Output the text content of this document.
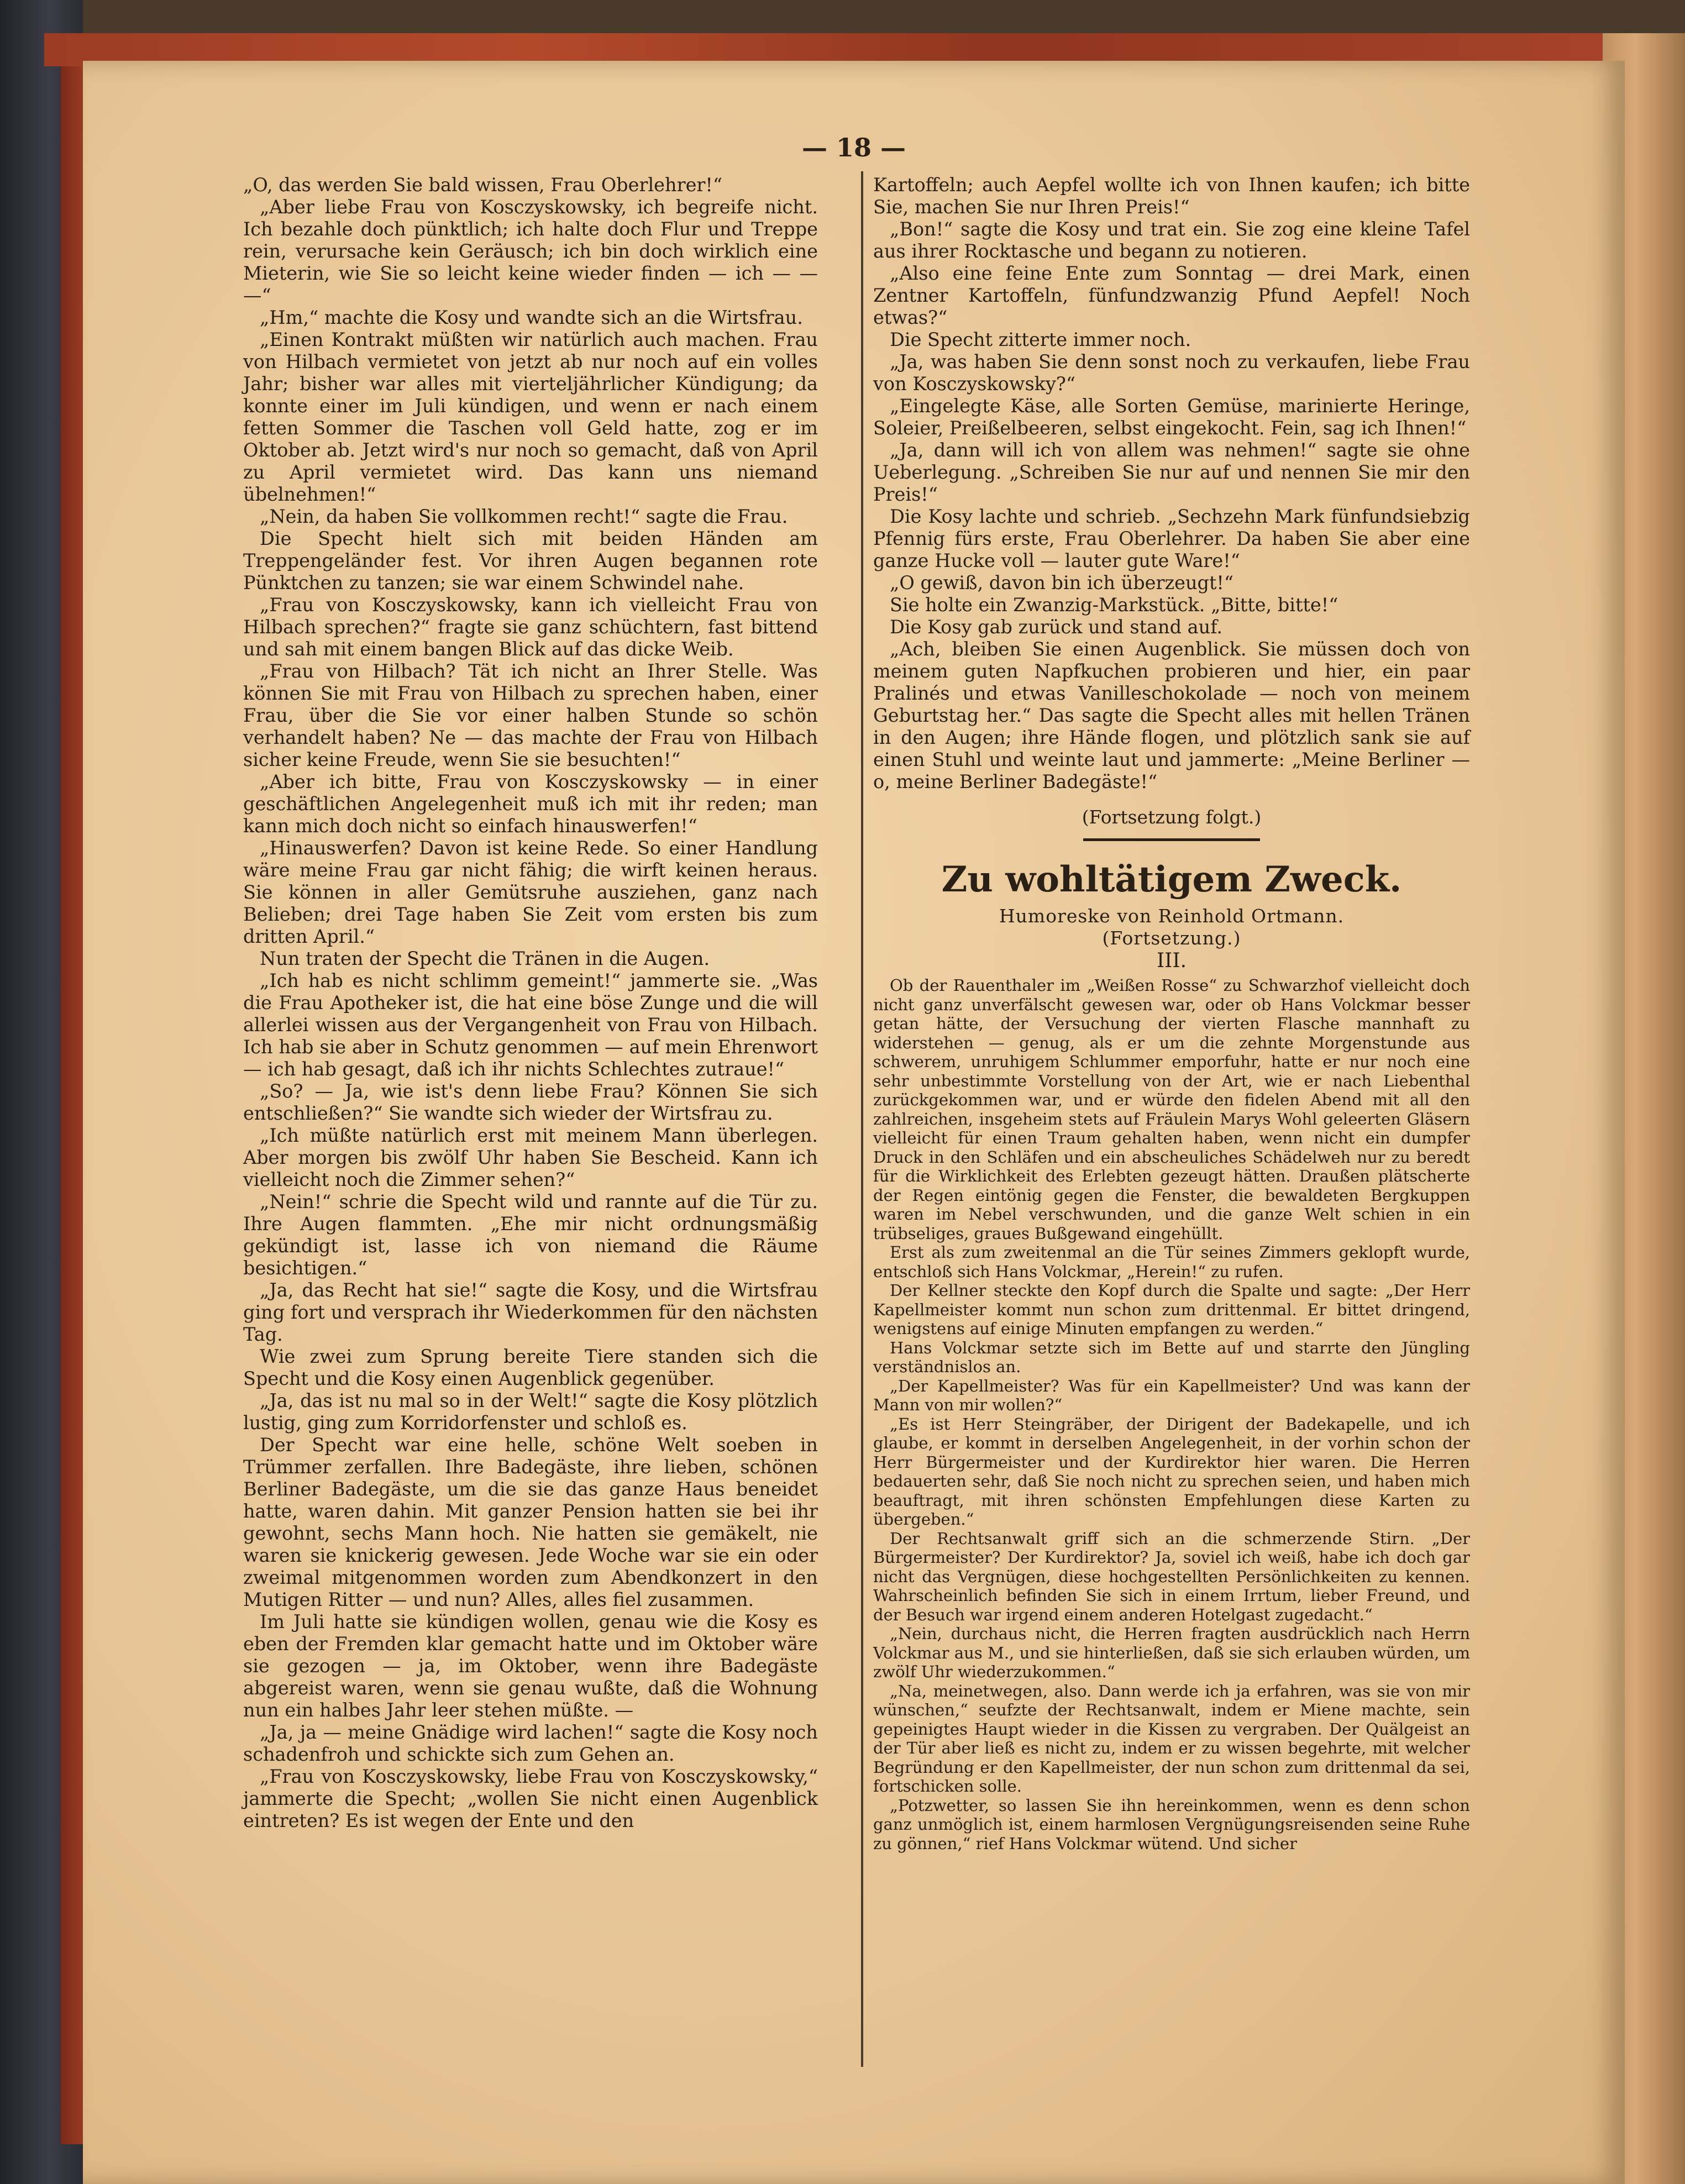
— 18 —

„O, das werden Sie bald wissen, Frau Oberlehrer!“

„Aber liebe Frau von Kosczyskowsky, ich begreife nicht. Ich bezahle doch pünktlich; ich halte doch Flur und Treppe rein, verursache kein Geräusch; ich bin doch wirklich eine Mieterin, wie Sie so leicht keine wieder finden — ich — — —“

„Hm,“ machte die Kosy und wandte sich an die Wirtsfrau.

„Einen Kontrakt müßten wir natürlich auch machen. Frau von Hilbach vermietet von jetzt ab nur noch auf ein volles Jahr; bisher war alles mit vierteljährlicher Kündigung; da konnte einer im Juli kündigen, und wenn er nach einem fetten Sommer die Taschen voll Geld hatte, zog er im Oktober ab. Jetzt wird's nur noch so gemacht, daß von April zu April vermietet wird. Das kann uns niemand übelnehmen!“

„Nein, da haben Sie vollkommen recht!“ sagte die Frau.

Die Specht hielt sich mit beiden Händen am Treppengeländer fest. Vor ihren Augen begannen rote Pünktchen zu tanzen; sie war einem Schwindel nahe.

„Frau von Kosczyskowsky, kann ich vielleicht Frau von Hilbach sprechen?“ fragte sie ganz schüchtern, fast bittend und sah mit einem bangen Blick auf das dicke Weib.

„Frau von Hilbach? Tät ich nicht an Ihrer Stelle. Was können Sie mit Frau von Hilbach zu sprechen haben, einer Frau, über die Sie vor einer halben Stunde so schön verhandelt haben? Ne — das machte der Frau von Hilbach sicher keine Freude, wenn Sie sie besuchten!“

„Aber ich bitte, Frau von Kosczyskowsky — in einer geschäftlichen Angelegenheit muß ich mit ihr reden; man kann mich doch nicht so einfach hinauswerfen!“

„Hinauswerfen? Davon ist keine Rede. So einer Handlung wäre meine Frau gar nicht fähig; die wirft keinen heraus. Sie können in aller Gemütsruhe ausziehen, ganz nach Belieben; drei Tage haben Sie Zeit vom ersten bis zum dritten April.“

Nun traten der Specht die Tränen in die Augen.

„Ich hab es nicht schlimm gemeint!“ jammerte sie. „Was die Frau Apotheker ist, die hat eine böse Zunge und die will allerlei wissen aus der Vergangenheit von Frau von Hilbach. Ich hab sie aber in Schutz genommen — auf mein Ehrenwort — ich hab gesagt, daß ich ihr nichts Schlechtes zutraue!“

„So? — Ja, wie ist's denn liebe Frau? Können Sie sich entschließen?“ Sie wandte sich wieder der Wirtsfrau zu.

„Ich müßte natürlich erst mit meinem Mann überlegen. Aber morgen bis zwölf Uhr haben Sie Bescheid. Kann ich vielleicht noch die Zimmer sehen?“

„Nein!“ schrie die Specht wild und rannte auf die Tür zu. Ihre Augen flammten. „Ehe mir nicht ordnungsmäßig gekündigt ist, lasse ich von niemand die Räume besichtigen.“

„Ja, das Recht hat sie!“ sagte die Kosy, und die Wirtsfrau ging fort und versprach ihr Wiederkommen für den nächsten Tag.

Wie zwei zum Sprung bereite Tiere standen sich die Specht und die Kosy einen Augenblick gegenüber.

„Ja, das ist nu mal so in der Welt!“ sagte die Kosy plötzlich lustig, ging zum Korridorfenster und schloß es.

Der Specht war eine helle, schöne Welt soeben in Trümmer zerfallen. Ihre Badegäste, ihre lieben, schönen Berliner Badegäste, um die sie das ganze Haus beneidet hatte, waren dahin. Mit ganzer Pension hatten sie bei ihr gewohnt, sechs Mann hoch. Nie hatten sie gemäkelt, nie waren sie knickerig gewesen. Jede Woche war sie ein oder zweimal mitgenommen worden zum Abendkonzert in den Mutigen Ritter — und nun? Alles, alles fiel zusammen.

Im Juli hatte sie kündigen wollen, genau wie die Kosy es eben der Fremden klar gemacht hatte und im Oktober wäre sie gezogen — ja, im Oktober, wenn ihre Badegäste abgereist waren, wenn sie genau wußte, daß die Wohnung nun ein halbes Jahr leer stehen müßte. —

„Ja, ja — meine Gnädige wird lachen!“ sagte die Kosy noch schadenfroh und schickte sich zum Gehen an.

„Frau von Kosczyskowsky, liebe Frau von Kosczyskowsky,“ jammerte die Specht; „wollen Sie nicht einen Augenblick eintreten? Es ist wegen der Ente und den

Kartoffeln; auch Aepfel wollte ich von Ihnen kaufen; ich bitte Sie, machen Sie nur Ihren Preis!“

„Bon!“ sagte die Kosy und trat ein. Sie zog eine kleine Tafel aus ihrer Rocktasche und begann zu notieren.

„Also eine feine Ente zum Sonntag — drei Mark, einen Zentner Kartoffeln, fünfundzwanzig Pfund Aepfel! Noch etwas?“

Die Specht zitterte immer noch.

„Ja, was haben Sie denn sonst noch zu verkaufen, liebe Frau von Kosczyskowsky?“

„Eingelegte Käse, alle Sorten Gemüse, marinierte Heringe, Soleier, Preißelbeeren, selbst eingekocht. Fein, sag ich Ihnen!“

„Ja, dann will ich von allem was nehmen!“ sagte sie ohne Ueberlegung. „Schreiben Sie nur auf und nennen Sie mir den Preis!“

Die Kosy lachte und schrieb. „Sechzehn Mark fünfundsiebzig Pfennig fürs erste, Frau Oberlehrer. Da haben Sie aber eine ganze Hucke voll — lauter gute Ware!“

„O gewiß, davon bin ich überzeugt!“

Sie holte ein Zwanzig-Markstück. „Bitte, bitte!“

Die Kosy gab zurück und stand auf.

„Ach, bleiben Sie einen Augenblick. Sie müssen doch von meinem guten Napfkuchen probieren und hier, ein paar Pralinés und etwas Vanilleschokolade — noch von meinem Geburtstag her.“ Das sagte die Specht alles mit hellen Tränen in den Augen; ihre Hände flogen, und plötzlich sank sie auf einen Stuhl und weinte laut und jammerte: „Meine Berliner — o, meine Berliner Badegäste!“

(Fortsetzung folgt.)
Zu wohltätigem Zweck.
Humoreske von Reinhold Ortmann.
(Fortsetzung.)
III.

Ob der Rauenthaler im „Weißen Rosse“ zu Schwarzhof vielleicht doch nicht ganz unverfälscht gewesen war, oder ob Hans Volckmar besser getan hätte, der Versuchung der vierten Flasche mannhaft zu widerstehen — genug, als er um die zehnte Morgenstunde aus schwerem, unruhigem Schlummer emporfuhr, hatte er nur noch eine sehr unbestimmte Vorstellung von der Art, wie er nach Liebenthal zurückgekommen war, und er würde den fidelen Abend mit all den zahlreichen, insgeheim stets auf Fräulein Marys Wohl geleerten Gläsern vielleicht für einen Traum gehalten haben, wenn nicht ein dumpfer Druck in den Schläfen und ein abscheuliches Schädelweh nur zu beredt für die Wirklichkeit des Erlebten gezeugt hätten. Draußen plätscherte der Regen eintönig gegen die Fenster, die bewaldeten Bergkuppen waren im Nebel verschwunden, und die ganze Welt schien in ein trübseliges, graues Bußgewand eingehüllt.

Erst als zum zweitenmal an die Tür seines Zimmers geklopft wurde, entschloß sich Hans Volckmar, „Herein!“ zu rufen.

Der Kellner steckte den Kopf durch die Spalte und sagte: „Der Herr Kapellmeister kommt nun schon zum drittenmal. Er bittet dringend, wenigstens auf einige Minuten empfangen zu werden.“

Hans Volckmar setzte sich im Bette auf und starrte den Jüngling verständnislos an.

„Der Kapellmeister? Was für ein Kapellmeister? Und was kann der Mann von mir wollen?“

„Es ist Herr Steingräber, der Dirigent der Badekapelle, und ich glaube, er kommt in derselben Angelegenheit, in der vorhin schon der Herr Bürgermeister und der Kurdirektor hier waren. Die Herren bedauerten sehr, daß Sie noch nicht zu sprechen seien, und haben mich beauftragt, mit ihren schönsten Empfehlungen diese Karten zu übergeben.“

Der Rechtsanwalt griff sich an die schmerzende Stirn. „Der Bürgermeister? Der Kurdirektor? Ja, soviel ich weiß, habe ich doch gar nicht das Vergnügen, diese hochgestellten Persönlichkeiten zu kennen. Wahrscheinlich befinden Sie sich in einem Irrtum, lieber Freund, und der Besuch war irgend einem anderen Hotelgast zugedacht.“

„Nein, durchaus nicht, die Herren fragten ausdrücklich nach Herrn Volckmar aus M., und sie hinterließen, daß sie sich erlauben würden, um zwölf Uhr wiederzukommen.“

„Na, meinetwegen, also. Dann werde ich ja erfahren, was sie von mir wünschen,“ seufzte der Rechtsanwalt, indem er Miene machte, sein gepeinigtes Haupt wieder in die Kissen zu vergraben. Der Quälgeist an der Tür aber ließ es nicht zu, indem er zu wissen begehrte, mit welcher Begründung er den Kapellmeister, der nun schon zum drittenmal da sei, fortschicken solle.

„Potzwetter, so lassen Sie ihn hereinkommen, wenn es denn schon ganz unmöglich ist, einem harmlosen Vergnügungsreisenden seine Ruhe zu gönnen,“ rief Hans Volckmar wütend. Und sicher
